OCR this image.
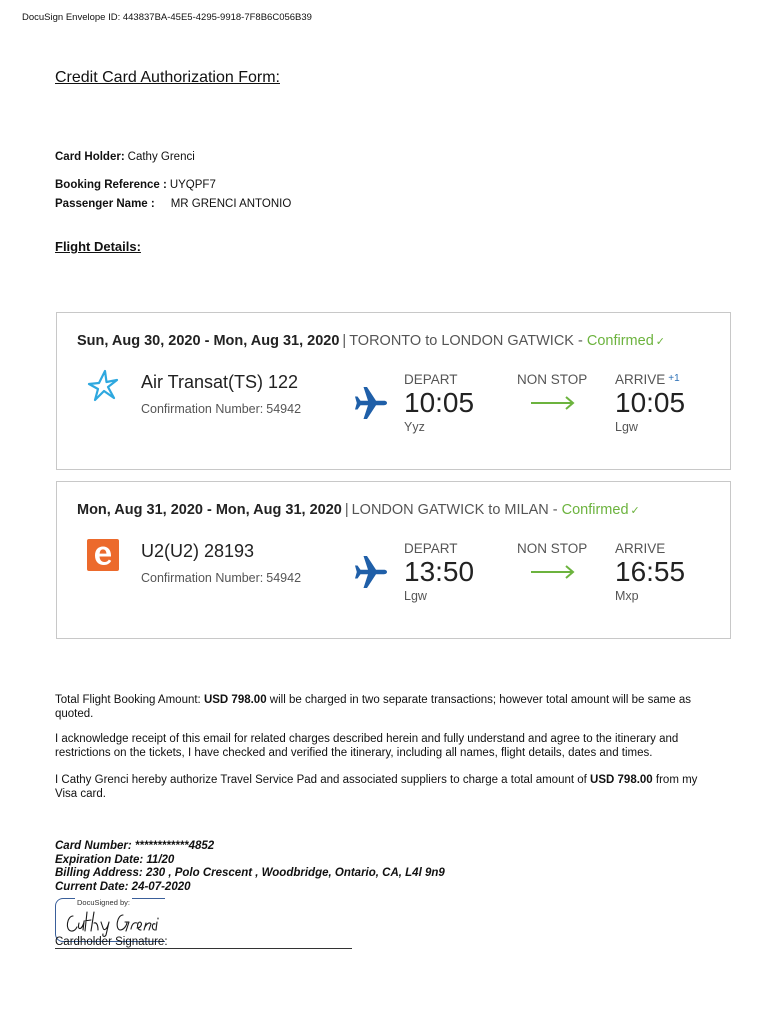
DocuSign Envelope ID: 443837BA-45E5-4295-9918-7F8B6C056B39
Credit Card Authorization Form:
Card Holder: Cathy Grenci
Booking Reference : UYQPF7
Passenger Name : MR GRENCI ANTONIO
Flight Details:
Sun, Aug 30, 2020 - Mon, Aug 31, 2020 | TORONTO to LONDON GATWICK - Confirmed ✓
Air Transat(TS) 122
Confirmation Number: 54942
DEPART
10:05
Yyz
NON STOP ARRIVE $^{+1}$
10:05
Lgw
Mon, Aug 31, 2020 - Mon, Aug 31, 2020 | LONDON GATWICK to MILAN - Confirmed ✓
U2(U2) 28193
Confirmation Number: 54942
DEPART
13:50
Lgw
NON STOP ARRIVE
16:55
Mxp
Total Flight Booking Amount: USD 798.00 will be charged in two separate transactions; however total amount will be same as quoted.
I acknowledge receipt of this email for related charges described herein and fully understand and agree to the itinerary and restrictions on the tickets, I have checked and verified the itinerary, including all names, flight details, dates and times.
I Cathy Grenci hereby authorize Travel Service Pad and associated suppliers to charge a total amount of USD 798.00 from my Visa card.
Card Number: ************4852
Expiration Date: 11/20
Billing Address: 230 , Polo Crescent , Woodbridge, Ontario, CA, L4l 9n9
Current Date: 24-07-2020
DocuSigned by:
Cardholder Signature:
